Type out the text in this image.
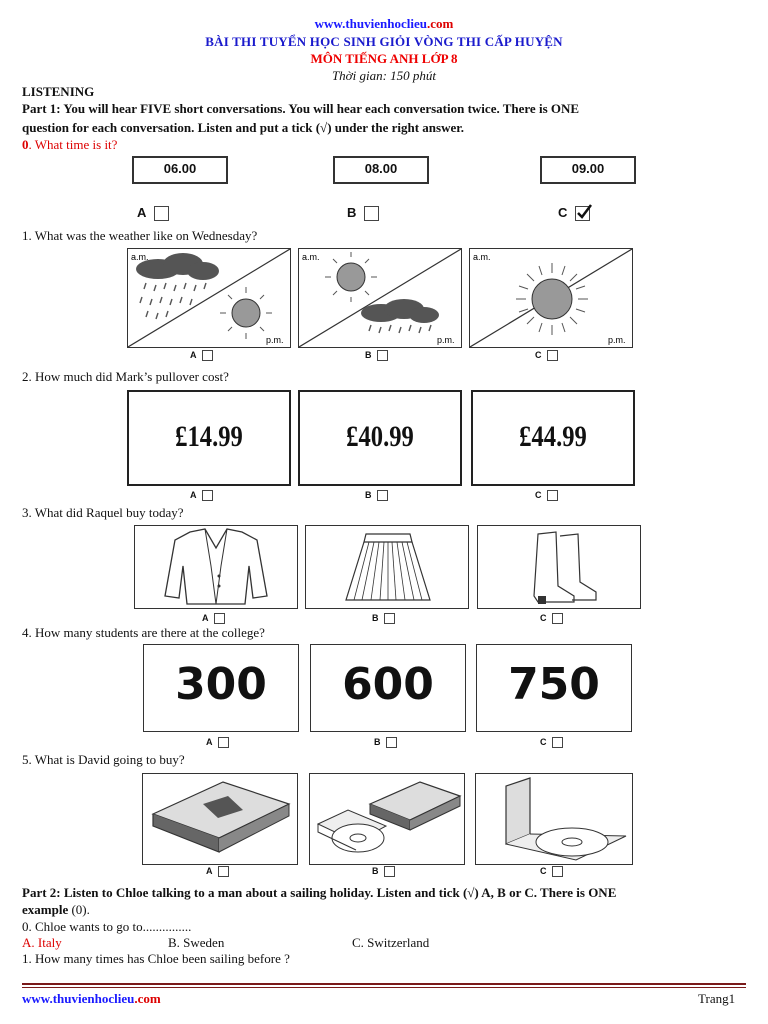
www.thuvienhoclieu.com
BÀI THI TUYỂN HỌC SINH GIỎI VÒNG THI CẤP HUYỆN
MÔN TIẾNG ANH LỚP 8
Thời gian: 150 phút
LISTENING
Part 1: You will hear FIVE short conversations. You will hear each conversation twice. There is ONE
question for each conversation. Listen and put a tick (√) under the right answer.
0. What time is it?
06.00	08.00	09.00
A	B	C
1. What was the weather like on Wednesday?
a.m.
p.m.
a.m.
p.m.
a.m.
p.m.
A	B	C
2. How much did Mark’s pullover cost?
£14.99	£40.99	£44.99
A	B	C
3. What did Raquel buy today?
A	B	C
4. How many students are there at the college?
300	600	750
A	B	C
5. What is David going to buy?
A	B	C
Part 2: Listen to Chloe talking to a man about a sailing holiday. Listen and tick (√) A, B or C. There is ONE
example (0).
0. Chloe wants to go to...............
A. Italy	B. Sweden	C. Switzerland
1. How many times has Chloe been sailing before ?
www.thuvienhoclieu.com	Trang1
